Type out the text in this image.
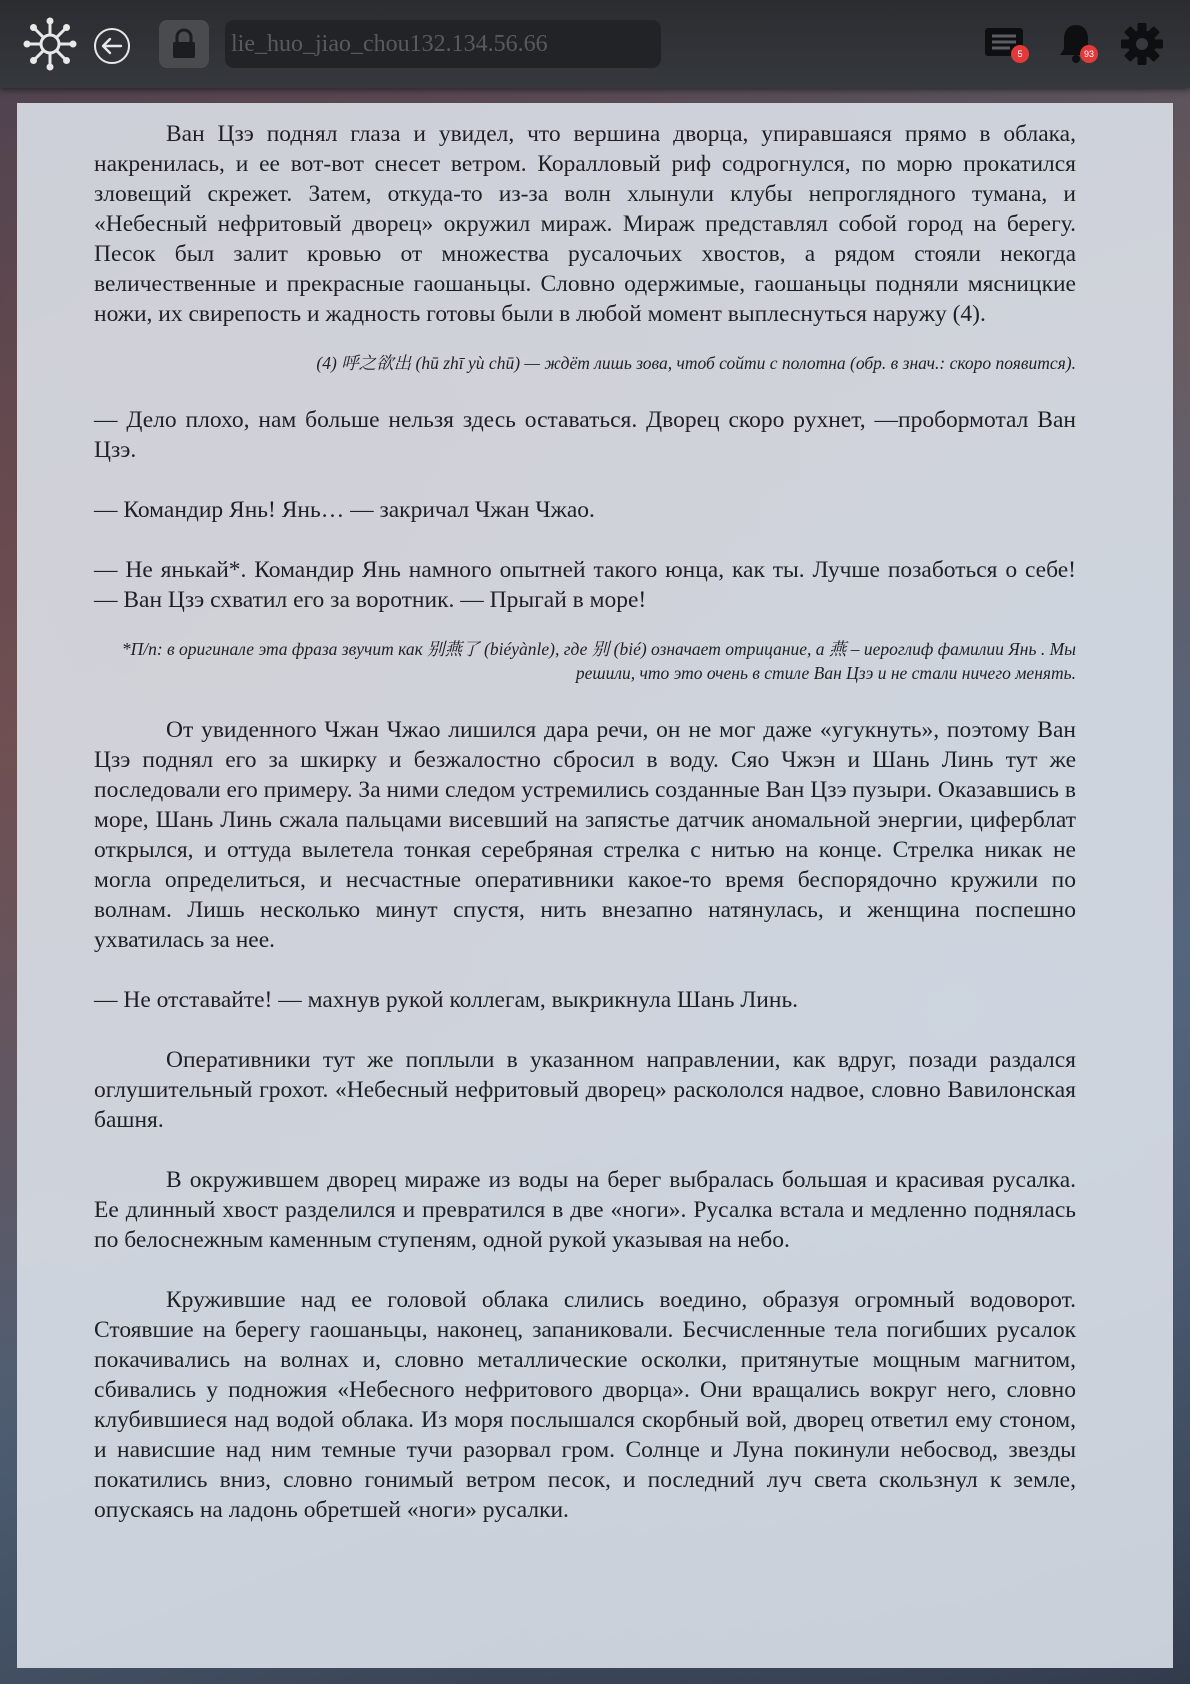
lie_huo_jiao_chou132.134.56.66
5	93

Ван Цзэ поднял глаза и увидел, что вершина дворца, упиравшаяся прямо в облака, накренилась, и ее вот-вот снесет ветром. Коралловый риф содрогнулся, по морю прокатился зловещий скрежет. Затем, откуда-то из-за волн хлынули клубы непроглядного тумана, и «Небесный нефритовый дворец» окружил мираж. Мираж представлял собой город на берегу. Песок был залит кровью от множества русалочьих хвостов, а рядом стояли некогда величественные и прекрасные гаошаньцы. Словно одержимые, гаошаньцы подняли мясницкие ножи, их свирепость и жадность готовы были в любой момент выплеснуться наружу (4).

(4) 呼之欲出 (hū zhī yù chū) — ждёт лишь зова, чтоб сойти с полотна (обр. в знач.: скоро появится).

— Дело плохо, нам больше нельзя здесь оставаться. Дворец скоро рухнет, —пробормотал Ван Цзэ.

— Командир Янь! Янь… — закричал Чжан Чжао.

— Не янькай*. Командир Янь намного опытней такого юнца, как ты. Лучше позаботься о себе! — Ван Цзэ схватил его за воротник. — Прыгай в море!

*П/п: в оригинале эта фраза звучит как 别燕了 (biéyànle), где 别 (bié) означает отрицание, а 燕 – иероглиф фамилии Янь . Мы решили, что это очень в стиле Ван Цзэ и не стали ничего менять.

От увиденного Чжан Чжао лишился дара речи, он не мог даже «угукнуть», поэтому Ван Цзэ поднял его за шкирку и безжалостно сбросил в воду. Сяо Чжэн и Шань Линь тут же последовали его примеру. За ними следом устремились созданные Ван Цзэ пузыри. Оказавшись в море, Шань Линь сжала пальцами висевший на запястье датчик аномальной энергии, циферблат открылся, и оттуда вылетела тонкая серебряная стрелка с нитью на конце. Стрелка никак не могла определиться, и несчастные оперативники какое-то время беспорядочно кружили по волнам. Лишь несколько минут спустя, нить внезапно натянулась, и женщина поспешно ухватилась за нее.

— Не отставайте! — махнув рукой коллегам, выкрикнула Шань Линь.

Оперативники тут же поплыли в указанном направлении, как вдруг, позади раздался оглушительный грохот. «Небесный нефритовый дворец» раскололся надвое, словно Вавилонская башня.

В окружившем дворец мираже из воды на берег выбралась большая и красивая русалка. Ее длинный хвост разделился и превратился в две «ноги». Русалка встала и медленно поднялась по белоснежным каменным ступеням, одной рукой указывая на небо.

Кружившие над ее головой облака слились воедино, образуя огромный водоворот. Стоявшие на берегу гаошаньцы, наконец, запаниковали. Бесчисленные тела погибших русалок покачивались на волнах и, словно металлические осколки, притянутые мощным магнитом, сбивались у подножия «Небесного нефритового дворца». Они вращались вокруг него, словно клубившиеся над водой облака. Из моря послышался скорбный вой, дворец ответил ему стоном, и нависшие над ним темные тучи разорвал гром. Солнце и Луна покинули небосвод, звезды покатились вниз, словно гонимый ветром песок, и последний луч света скользнул к земле, опускаясь на ладонь обретшей «ноги» русалки.
